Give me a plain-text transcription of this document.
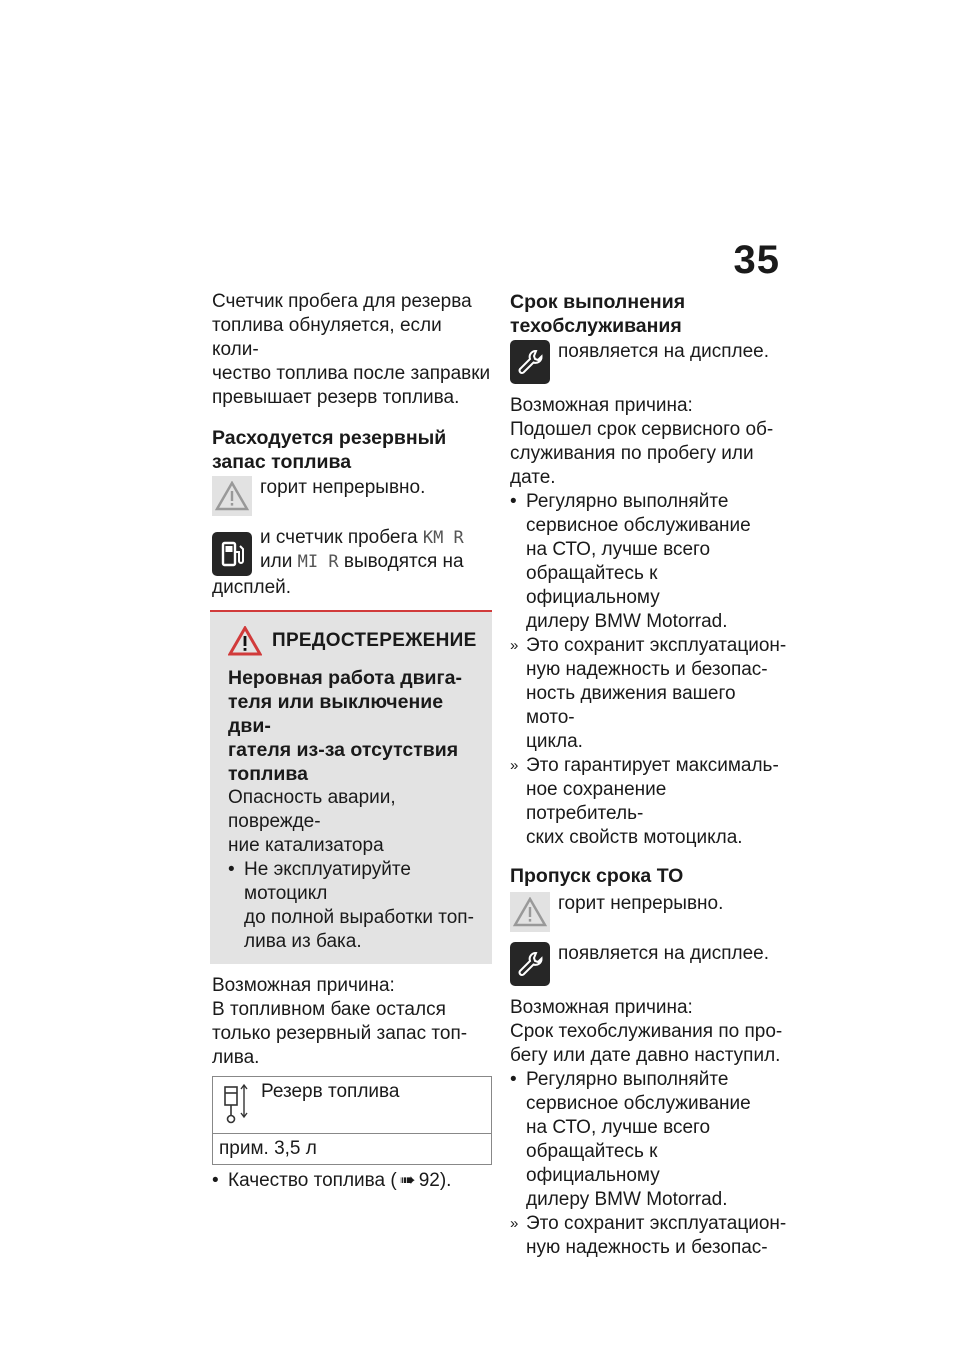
35

Счетчик пробега для резерва

топлива обнуляется, если коли-

чество топлива после заправки

превышает резерв топлива.

Расходуется резервный

запас топлива

горит непрерывно.

и счетчик пробега KM R

или MI R выводятся на

дисплей.

ПРЕДОСТЕРЕЖЕНИЕ

Неровная работа двига-

теля или выключение дви-

гателя из-за отсутствия

топлива

Опасность аварии, поврежде-

ние катализатора

• Не эксплуатируйте мотоцикл

до полной выработки топ-

лива из бака.

Возможная причина:

В топливном баке остался

только резервный запас топ-

лива.

Резерв топлива

прим. 3,5 л
• Качество топлива ( ➠ 92).

Срок выполнения

техобслуживания

появляется на дисплее.

Возможная причина:

Подошел срок сервисного об-

служивания по пробегу или

дате.

• Регулярно выполняйте

сервисное обслуживание

на СТО, лучше всего

обращайтесь к официальному

дилеру BMW Motorrad.

» Это сохранит эксплуатацион-

ную надежность и безопас-

ность движения вашего мото-

цикла.

» Это гарантирует максималь-

ное сохранение потребитель-

ских свойств мотоцикла.

Пропуск срока ТО

горит непрерывно.

появляется на дисплее.

Возможная причина:

Срок техобслуживания по про-

бегу или дате давно наступил.

• Регулярно выполняйте

сервисное обслуживание

на СТО, лучше всего

обращайтесь к официальному

дилеру BMW Motorrad.

» Это сохранит эксплуатацион-

ную надежность и безопас-
